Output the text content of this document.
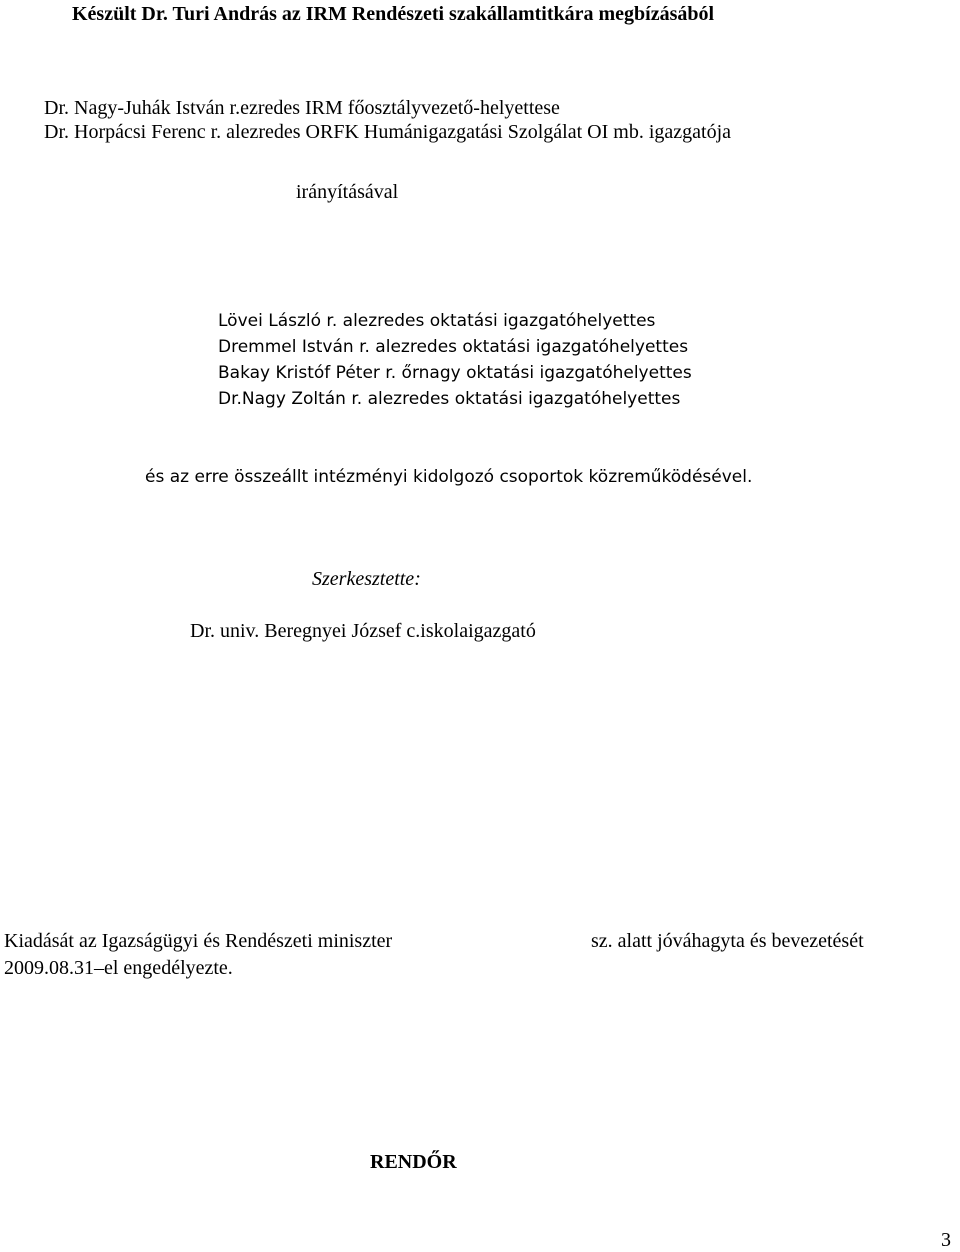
Készült Dr. Turi András az IRM Rendészeti szakállamtitkára megbízásából
Dr. Nagy-Juhák István r.ezredes IRM főosztályvezető-helyettese
Dr. Horpácsi Ferenc r. alezredes ORFK Humánigazgatási Szolgálat OI mb. igazgatója
irányításával
Lövei László r. alezredes oktatási igazgatóhelyettes
Dremmel István r. alezredes oktatási igazgatóhelyettes
Bakay Kristóf Péter r. őrnagy oktatási igazgatóhelyettes
Dr.Nagy Zoltán r. alezredes oktatási igazgatóhelyettes
és az erre összeállt intézményi kidolgozó csoportok közreműködésével.
Szerkesztette:
Dr. univ. Beregnyei József c.iskolaigazgató
Kiadását az Igazságügyi és Rendészeti miniszter	sz. alatt jóváhagyta és bevezetését
2009.08.31–el engedélyezte.
RENDŐR
3
